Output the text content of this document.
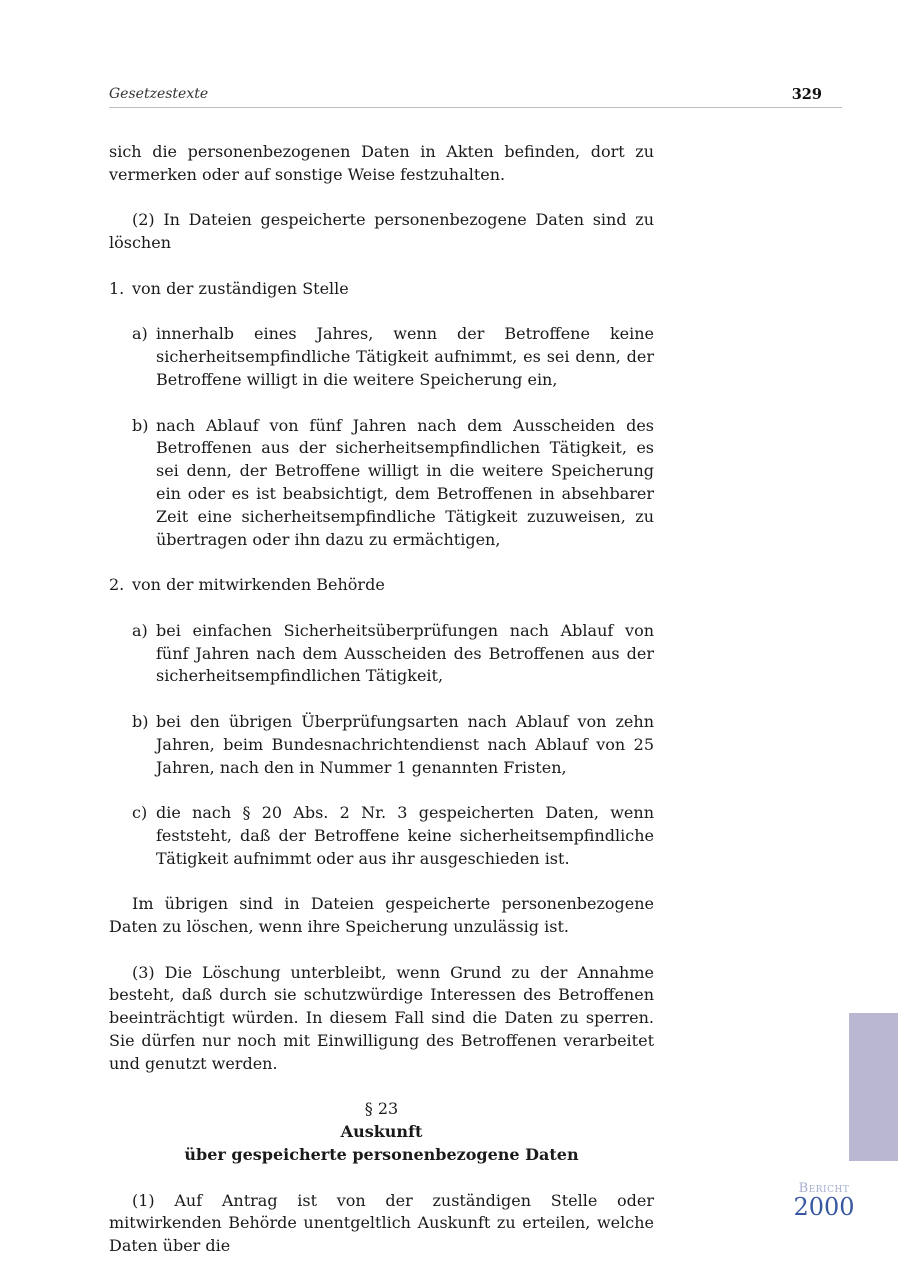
Gesetzestexte	329

sich die personenbezogenen Daten in Akten befinden, dort zu vermerken oder auf sonstige Weise festzuhalten.

(2) In Dateien gespeicherte personenbezogene Daten sind zu löschen

1. von der zuständigen Stelle
a) innerhalb eines Jahres, wenn der Betroffene keine sicherheitsempfindliche Tätigkeit aufnimmt, es sei denn, der Betroffene willigt in die weitere Speicherung ein,
b) nach Ablauf von fünf Jahren nach dem Ausscheiden des Betroffenen aus der sicherheitsempfindlichen Tätigkeit, es sei denn, der Betroffene willigt in die weitere Speicherung ein oder es ist beabsichtigt, dem Betroffenen in absehbarer Zeit eine sicherheitsempfindliche Tätigkeit zuzuweisen, zu übertragen oder ihn dazu zu ermächtigen,
2. von der mitwirkenden Behörde
a) bei einfachen Sicherheitsüberprüfungen nach Ablauf von fünf Jahren nach dem Ausscheiden des Betroffenen aus der sicherheitsempfindlichen Tätigkeit,
b) bei den übrigen Überprüfungsarten nach Ablauf von zehn Jahren, beim Bundesnachrichtendienst nach Ablauf von 25 Jahren, nach den in Nummer 1 genannten Fristen,
c) die nach § 20 Abs. 2 Nr. 3 gespeicherten Daten, wenn feststeht, daß der Betroffene keine sicherheitsempfindliche Tätigkeit aufnimmt oder aus ihr ausgeschieden ist.

Im übrigen sind in Dateien gespeicherte personenbezogene Daten zu löschen, wenn ihre Speicherung unzulässig ist.

(3) Die Löschung unterbleibt, wenn Grund zu der Annahme besteht, daß durch sie schutzwürdige Interessen des Betroffenen beeinträchtigt würden. In diesem Fall sind die Daten zu sperren. Sie dürfen nur noch mit Einwilligung des Betroffenen verarbeitet und genutzt werden.

§ 23
Auskunft
über gespeicherte personenbezogene Daten

(1) Auf Antrag ist von der zuständigen Stelle oder mitwirkenden Behörde unentgeltlich Auskunft zu erteilen, welche Daten über die

Bericht
2000
